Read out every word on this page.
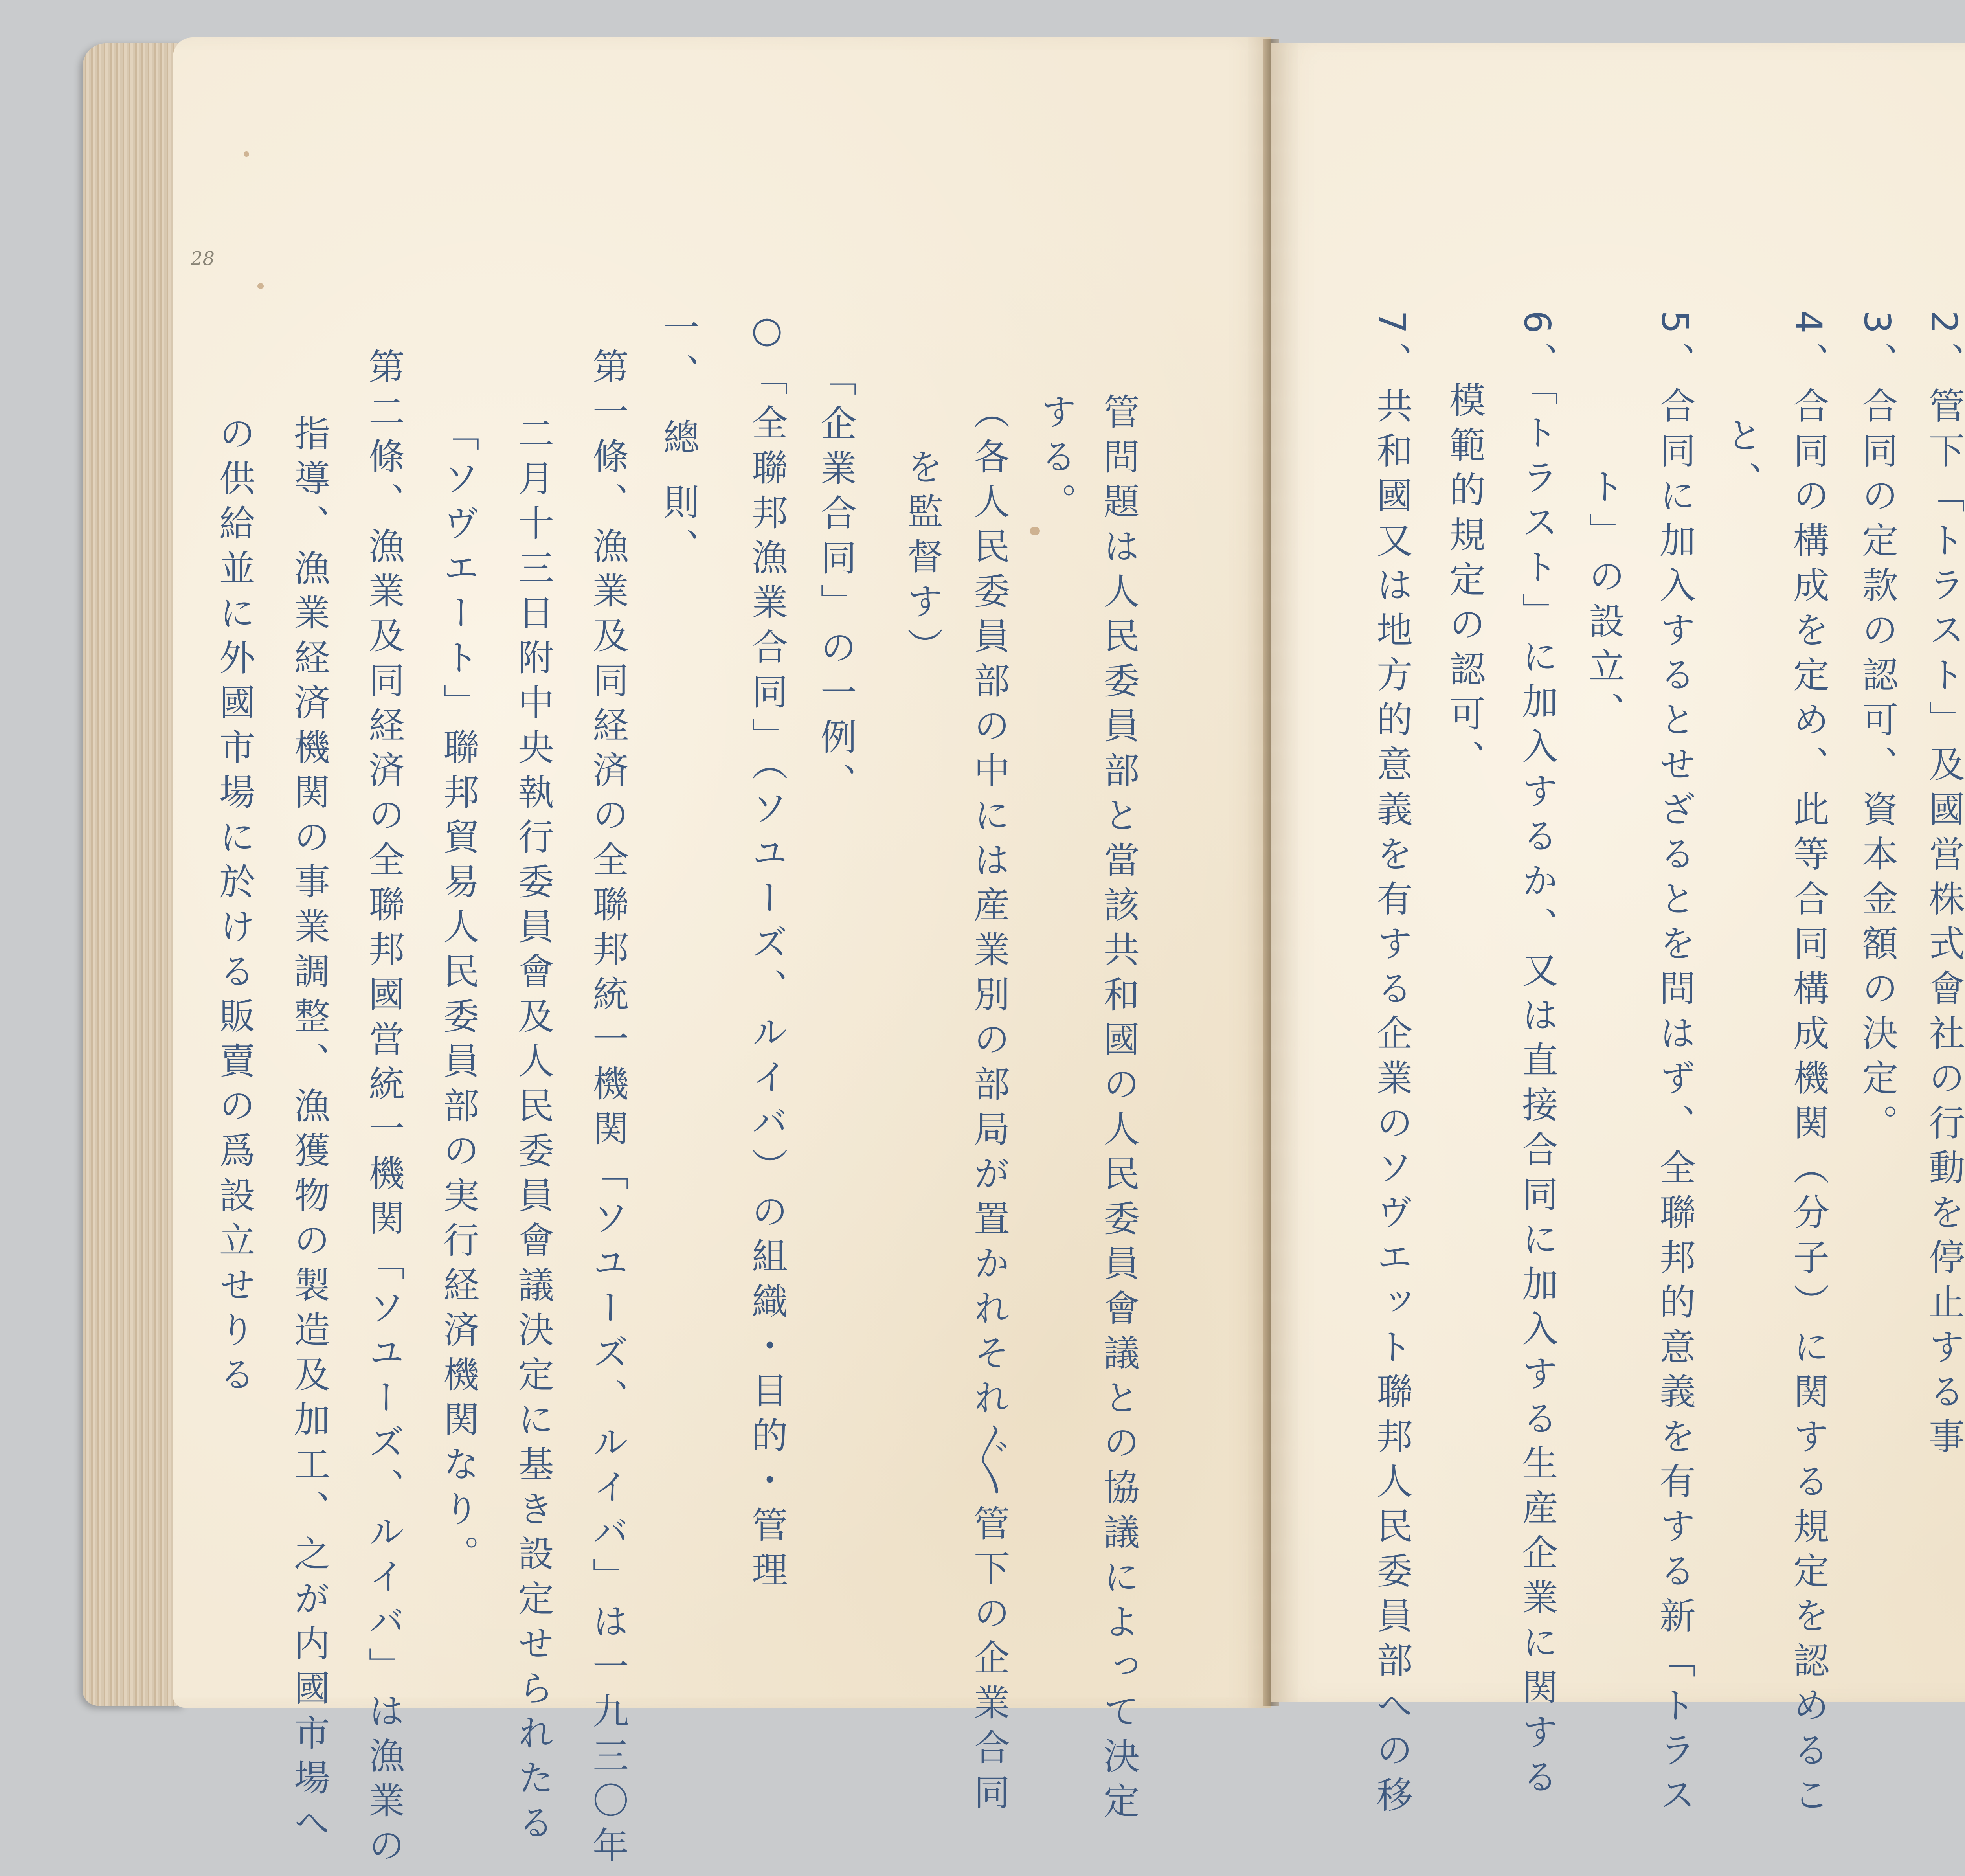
28
管問題は人民委員部と當該共和國の人民委員會議との協議によって決定
する。
（各人民委員部の中には産業別の部局が置かれそれ〲管下の企業合同
を監督す）
「企業合同」の一例、
○「全聯邦漁業合同」（ソユーズ、ルイバ）の組織・目的・管理
一、 總 則、
第一條、漁業及同経済の全聯邦統一機関「ソユーズ、ルイバ」は一九三〇年
二月十三日附中央執行委員會及人民委員會議決定に基き設定せられたる
「ソヴエート」聯邦貿易人民委員部の実行経済機関なり。
第二條、漁業及同経済の全聯邦國営統一機関「ソユーズ、ルイバ」は漁業の
指導、漁業経済機関の事業調整、漁獲物の製造及加工、之が内國市場へ
の供給並に外國市場に於ける販賣の爲設立せりる	2、管下「トラスト」及國営株式會社の行動を停止する事
3、合同の定款の認可、資本金額の決定。
4、合同の構成を定め、此等合同構成機関（分子）に関する規定を認めるこ
と、
5、合同に加入するとせざるとを問はず、全聯邦的意義を有する新「トラス
ト」の設立、
6、「トラスト」に加入するか、又は直接合同に加入する生産企業に関する
模範的規定の認可、
7、共和國又は地方的意義を有する企業のソヴエット聯邦人民委員部への移
